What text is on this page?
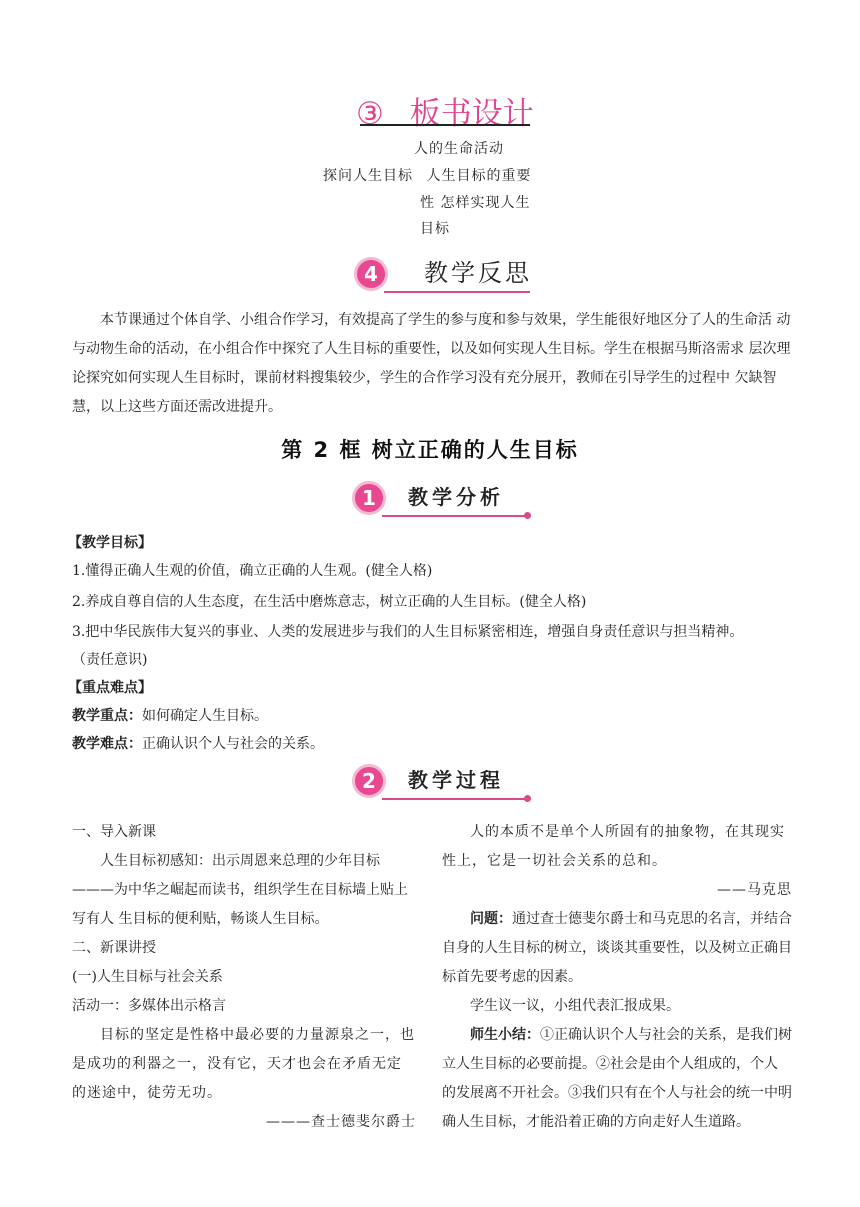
③ 板书设计
人的生命活动
探问人生目标 人生目标的重要
性 怎样实现人生
目标
4	教学反思
本节课通过个体自学、小组合作学习，有效提高了学生的参与度和参与效果，学生能很好地区分了人的生命活 动与动物生命的活动，在小组合作中探究了人生目标的重要性，以及如何实现人生目标。学生在根据马斯洛需求 层次理论探究如何实现人生目标时，课前材料搜集较少，学生的合作学习没有充分展开，教师在引导学生的过程中 欠缺智慧，以上这些方面还需改进提升。
第 2 框 树立正确的人生目标
1	教学分析
【教学目标】
1.懂得正确人生观的价值，确立正确的人生观。(健全人格)
2.养成自尊自信的人生态度，在生活中磨炼意志，树立正确的人生目标。(健全人格)
3.把中华民族伟大复兴的事业、人类的发展进步与我们的人生目标紧密相连，增强自身责任意识与担当精神。
（责任意识)
【重点难点】
教学重点：如何确定人生目标。
教学难点：正确认识个人与社会的关系。
2	教学过程

一、导入新课

人生目标初感知：出示周恩来总理的少年目标———为中华之崛起而读书，组织学生在目标墙上贴上写有人 生目标的便利贴，畅谈人生目标。

二、新课讲授

(一)人生目标与社会关系

活动一：多媒体出示格言

目标的坚定是性格中最必要的力量源泉之一，也是成功的利器之一，没有它，天才也会在矛盾无定的迷途中，徒劳无功。

———查士德斐尔爵士

人的本质不是单个人所固有的抽象物，在其现实性上，它是一切社会关系的总和。

——马克思

问题：通过查士德斐尔爵士和马克思的名言，并结合自身的人生目标的树立，谈谈其重要性，以及树立正确目标首先要考虑的因素。

学生议一议，小组代表汇报成果。

师生小结：①正确认识个人与社会的关系，是我们树 立人生目标的必要前提。②社会是由个人组成的，个人 的发展离不开社会。③我们只有在个人与社会的统一中明确人生目标，才能沿着正确的方向走好人生道路。
